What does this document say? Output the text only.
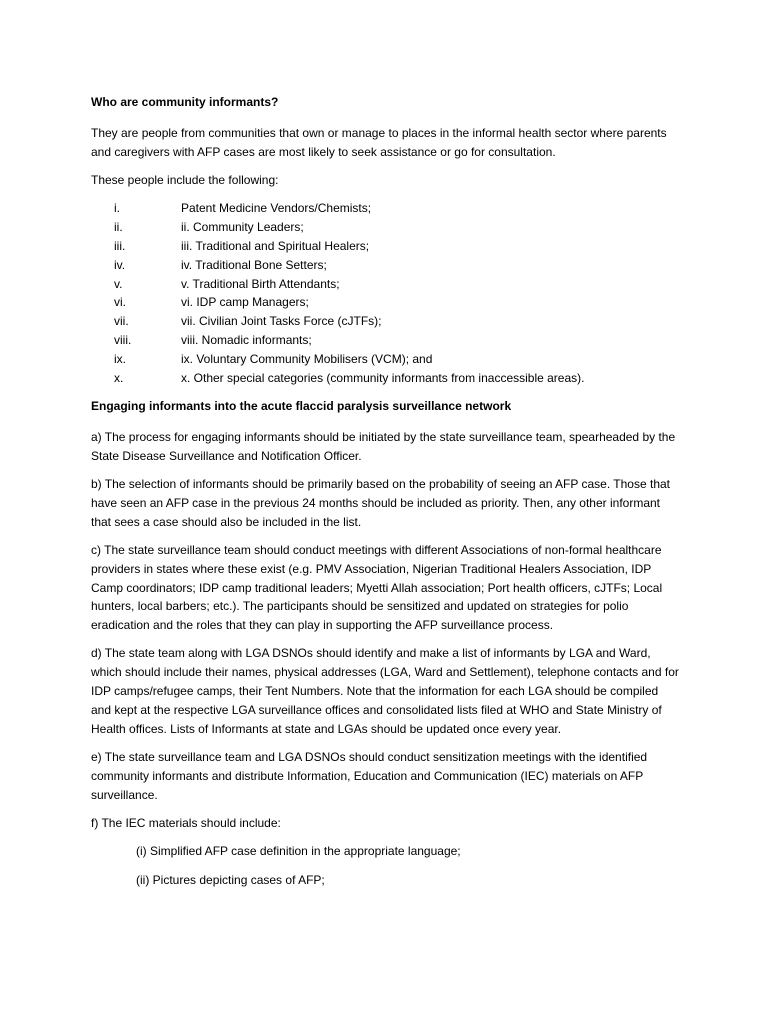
Who are community informants?

They are people from communities that own or manage to places in the informal health sector where parents and caregivers with AFP cases are most likely to seek assistance or go for consultation.

These people include the following:

i.	Patent Medicine Vendors/Chemists;
ii.	ii. Community Leaders;
iii.	iii. Traditional and Spiritual Healers;
iv.	iv. Traditional Bone Setters;
v.	v. Traditional Birth Attendants;
vi.	vi. IDP camp Managers;
vii.	vii. Civilian Joint Tasks Force (cJTFs);
viii.	viii. Nomadic informants;
ix.	ix. Voluntary Community Mobilisers (VCM); and
x.	x. Other special categories (community informants from inaccessible areas).

Engaging informants into the acute flaccid paralysis surveillance network

a) The process for engaging informants should be initiated by the state surveillance team, spearheaded by the State Disease Surveillance and Notification Officer.

b) The selection of informants should be primarily based on the probability of seeing an AFP case. Those that have seen an AFP case in the previous 24 months should be included as priority. Then, any other informant that sees a case should also be included in the list.

c) The state surveillance team should conduct meetings with different Associations of non-formal healthcare providers in states where these exist (e.g. PMV Association, Nigerian Traditional Healers Association, IDP Camp coordinators; IDP camp traditional leaders; Myetti Allah association; Port health officers, cJTFs; Local hunters, local barbers; etc.). The participants should be sensitized and updated on strategies for polio eradication and the roles that they can play in supporting the AFP surveillance process.

d) The state team along with LGA DSNOs should identify and make a list of informants by LGA and Ward, which should include their names, physical addresses (LGA, Ward and Settlement), telephone contacts and for IDP camps/refugee camps, their Tent Numbers. Note that the information for each LGA should be compiled and kept at the respective LGA surveillance offices and consolidated lists filed at WHO and State Ministry of Health offices. Lists of Informants at state and LGAs should be updated once every year.

e) The state surveillance team and LGA DSNOs should conduct sensitization meetings with the identified community informants and distribute Information, Education and Communication (IEC) materials on AFP surveillance.

f) The IEC materials should include:

(i) Simplified AFP case definition in the appropriate language;

(ii) Pictures depicting cases of AFP;
